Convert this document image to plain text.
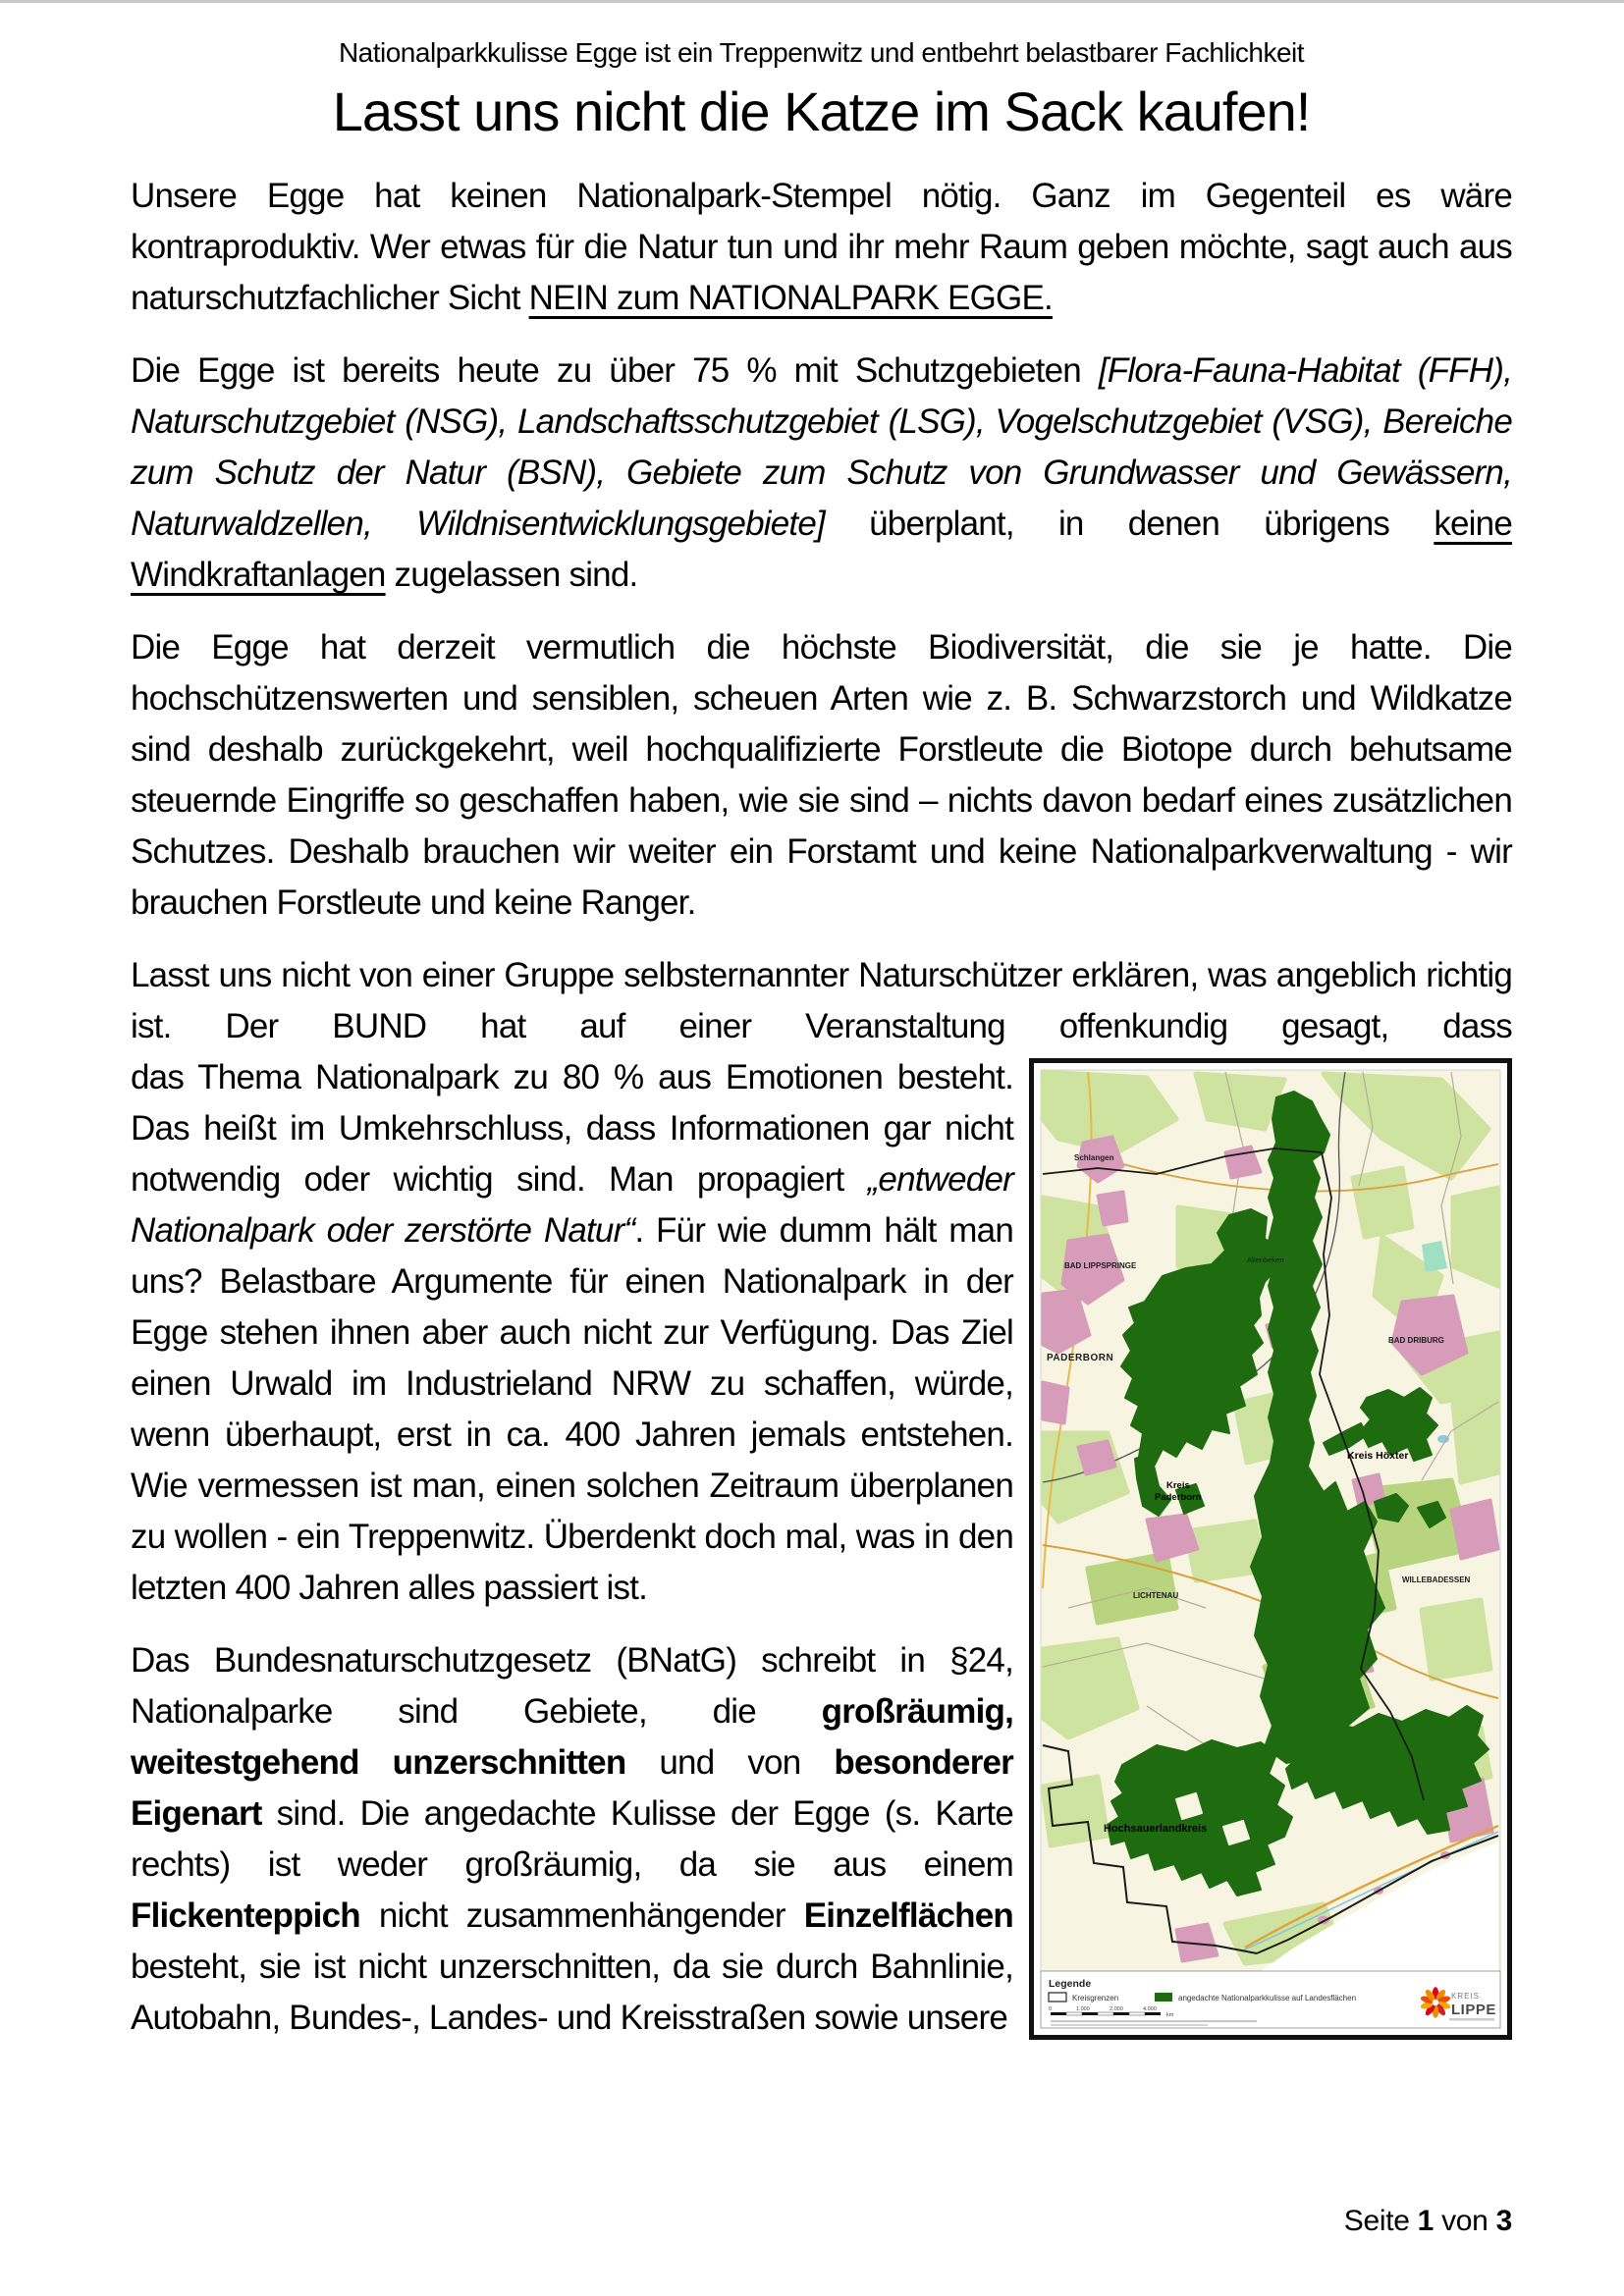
Nationalparkkulisse Egge ist ein Treppenwitz und entbehrt belastbarer Fachlichkeit
Lasst uns nicht die Katze im Sack kaufen!

Unsere Egge hat keinen Nationalpark-Stempel nötig. Ganz im Gegenteil es wäre kontraproduktiv. Wer etwas für die Natur tun und ihr mehr Raum geben möchte, sagt auch aus naturschutzfachlicher Sicht NEIN zum NATIONALPARK EGGE.

Die Egge ist bereits heute zu über 75 % mit Schutzgebieten [Flora-Fauna-Habitat (FFH), Naturschutzgebiet (NSG), Landschaftsschutzgebiet (LSG), Vogelschutzgebiet (VSG), Bereiche zum Schutz der Natur (BSN), Gebiete zum Schutz von Grundwasser und Gewässern, Naturwaldzellen, Wildnisentwicklungsgebiete] überplant, in denen übrigens keine Windkraftanlagen zugelassen sind.

Die Egge hat derzeit vermutlich die höchste Biodiversität, die sie je hatte. Die hochschützenswerten und sensiblen, scheuen Arten wie z. B. Schwarzstorch und Wildkatze sind deshalb zurückgekehrt, weil hochqualifizierte Forstleute die Biotope durch behutsame steuernde Eingriffe so geschaffen haben, wie sie sind – nichts davon bedarf eines zusätzlichen Schutzes. Deshalb brauchen wir weiter ein Forstamt und keine Nationalparkverwaltung - wir brauchen Forstleute und keine Ranger.

Lasst uns nicht von einer Gruppe selbsternannter Naturschützer erklären, was angeblich richtig ist. Der BUND hat auf einer Veranstaltung offenkundig gesagt, dass

Schlangen
BAD LIPPSPRINGE
PADERBORN
Altenbeken
BAD DRIBURG
Kreis Höxter
Kreis
Paderborn
LICHTENAU
WILLEBADESSEN
Hochsauerlandkreis
Legende
Kreisgrenzen	angedachte Nationalparkkulisse auf Landesflächen
0	1.000	2.000	4.000
km
KREIS
LIPPE

das Thema Nationalpark zu 80 % aus Emotionen besteht. Das heißt im Umkehrschluss, dass Informationen gar nicht notwendig oder wichtig sind. Man propagiert „entweder Nationalpark oder zerstörte Natur“. Für wie dumm hält man uns? Belastbare Argumente für einen Nationalpark in der Egge stehen ihnen aber auch nicht zur Verfügung. Das Ziel einen Urwald im Industrieland NRW zu schaffen, würde, wenn überhaupt, erst in ca. 400 Jahren jemals entstehen. Wie vermessen ist man, einen solchen Zeitraum überplanen zu wollen - ein Treppenwitz. Überdenkt doch mal, was in den letzten 400 Jahren alles passiert ist.

Das Bundesnaturschutzgesetz (BNatG) schreibt in §24, Nationalparke sind Gebiete, die großräumig, weitestgehend unzerschnitten und von besonderer Eigenart sind. Die angedachte Kulisse der Egge (s. Karte rechts) ist weder großräumig, da sie aus einem Flickenteppich nicht zusammenhängender Einzelflächen besteht, sie ist nicht unzerschnitten, da sie durch Bahnlinie, Autobahn, Bundes-, Landes- und Kreisstraßen sowie unsere

Seite 1 von 3
